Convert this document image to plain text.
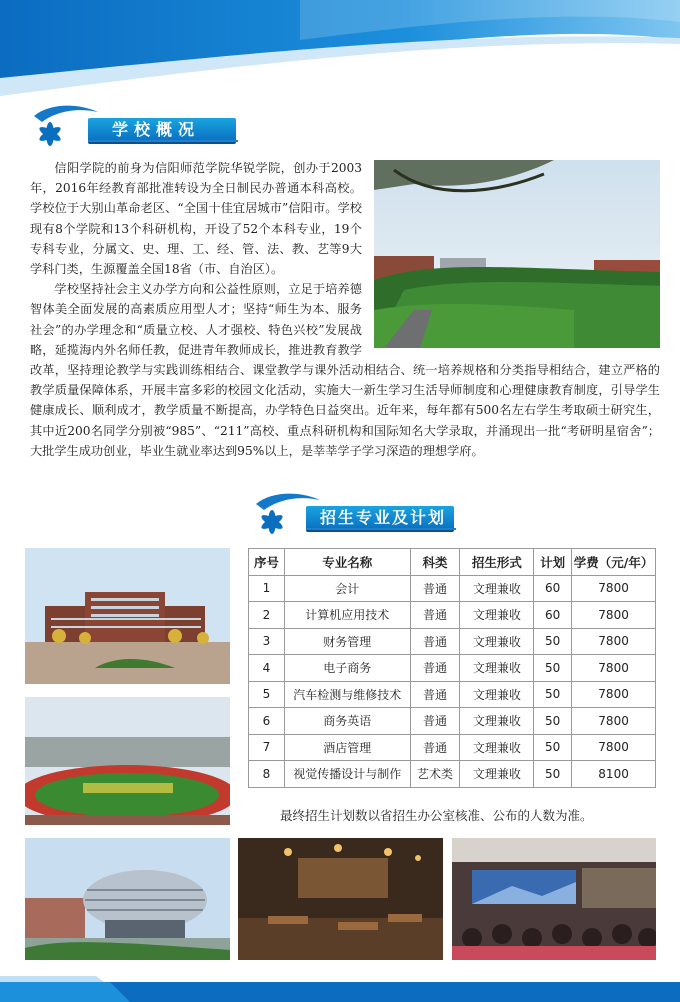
学校概况

信阳学院的前身为信阳师范学院华锐学院，创办于2003年，2016年经教育部批准转设为全日制民办普通本科高校。学校位于大别山革命老区、“全国十佳宜居城市”信阳市。学校现有8个学院和13个科研机构，开设了52个本科专业，19个专科专业，分属文、史、理、工、经、管、法、教、艺等9大学科门类，生源覆盖全国18省（市、自治区）。

学校坚持社会主义办学方向和公益性原则，立足于培养德智体美全面发展的高素质应用型人才；坚持“师生为本、服务社会”的办学理念和“质量立校、人才强校、特色兴校”发展战略，延揽海内外名师任教，促进青年教师成长，推进教育教学改革，坚持理论教学与实践训练相结合、课堂教学与课外活动相结合、统一培养规格和分类指导相结合，建立严格的教学质量保障体系，开展丰富多彩的校园文化活动，实施大一新生学习生活导师制度和心理健康教育制度，引导学生健康成长、顺利成才，教学质量不断提高，办学特色日益突出。近年来，每年都有500名左右学生考取硕士研究生，其中近200名同学分别被“985”、“211”高校、重点科研机构和国际知名大学录取，并涌现出一批“考研明星宿舍”；大批学生成功创业，毕业生就业率达到95%以上，是莘莘学子学习深造的理想学府。

招生专业及计划
序号	专业名称	科类	招生形式	计划	学费（元/年）
1	会计	普通	文理兼收	60	7800
2	计算机应用技术	普通	文理兼收	60	7800
3	财务管理	普通	文理兼收	50	7800
4	电子商务	普通	文理兼收	50	7800
5	汽车检测与维修技术	普通	文理兼收	50	7800
6	商务英语	普通	文理兼收	50	7800
7	酒店管理	普通	文理兼收	50	7800
8	视觉传播设计与制作	艺术类	文理兼收	50	8100
最终招生计划数以省招生办公室核准、公布的人数为准。
